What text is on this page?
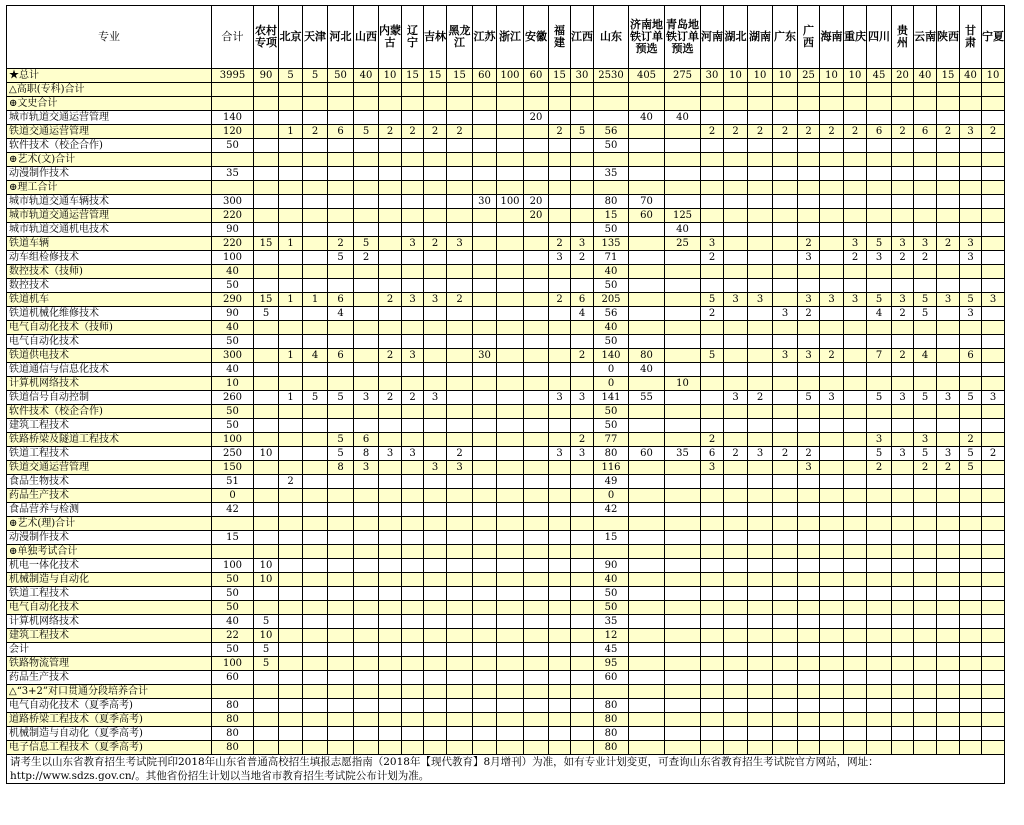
专业	合计	农村专项	北京	天津	河北	山西	内蒙古	辽宁	吉林	黑龙江	江苏	浙江	安徽	福建	江西	山东	济南地铁订单预选	青岛地铁订单预选	河南	湖北	湖南	广东	广西	海南	重庆	四川	贵州	云南	陕西	甘肃	宁夏
★总计	3995	90	5	5	50	40	10	15	15	15	60	100	60	15	30	2530	405	275	30	10	10	10	25	10	10	45	20	40	15	40	10
△高职(专科)合计																															
⊕文史合计																															
城市轨道交通运营管理	140												20				40	40													
铁道交通运营管理	120		1	2	6	5	2	2	2	2				2	5	56			2	2	2	2	2	2	2	6	2	6	2	3	2
软件技术（校企合作)	50															50															
⊕艺术(文)合计																															
动漫制作技术	35															35															
⊕理工合计																															
城市轨道交通车辆技术	300										30	100	20			80	70														
城市轨道交通运营管理	220												20			15	60	125													
城市轨道交通机电技术	90															50		40													
铁道车辆	220	15	1		2	5		3	2	3				2	3	135		25	3				2		3	5	3	3	2	3	
动车组检修技术	100				5	2								3	2	71			2				3		2	3	2	2		3	
数控技术（技师)	40															40															
数控技术	50															50															
铁道机车	290	15	1	1	6		2	3	3	2				2	6	205			5	3	3		3	3	3	5	3	5	3	5	3
铁道机械化维修技术	90	5			4										4	56			2			3	2			4	2	5		3	
电气自动化技术（技师)	40															40															
电气自动化技术	50															50															
铁道供电技术	300		1	4	6		2	3			30				2	140	80		5			3	3	2		7	2	4		6	
铁道通信与信息化技术	40															0	40														
计算机网络技术	10															0		10													
铁道信号自动控制	260		1	5	5	3	2	2	3					3	3	141	55			3	2		5	3		5	3	5	3	5	3
软件技术（校企合作)	50															50															
建筑工程技术	50															50															
铁路桥梁及隧道工程技术	100				5	6									2	77			2							3		3		2	
铁道工程技术	250	10			5	8	3	3		2				3	3	80	60	35	6	2	3	2	2			5	3	5	3	5	2
铁道交通运营管理	150				8	3			3	3						116			3				3			2		2	2	5	
食品生物技术	51		2													49															
药品生产技术	0															0															
食品营养与检测	42															42															
⊕艺术(理)合计																															
动漫制作技术	15															15															
⊕单独考试合计																															
机电一体化技术	100	10														90															
机械制造与自动化	50	10														40															
铁道工程技术	50															50															
电气自动化技术	50															50															
计算机网络技术	40	5														35															
建筑工程技术	22	10														12															
会计	50	5														45															
铁路物流管理	100	5														95															
药品生产技术	60															60															
△“3+2”对口贯通分段培养合计																															
电气自动化技术（夏季高考)	80															80															
道路桥梁工程技术（夏季高考)	80															80															
机械制造与自动化（夏季高考)	80															80															
电子信息工程技术（夏季高考)	80															80															
请考生以山东省教育招生考试院刊印2018年山东省普通高校招生填报志愿指南（2018年【现代教育】8月增刊）为准，如有专业计划变更，可查询山东省教育招生考试院官方网站，网址：http://www.sdzs.gov.cn/。其他省份招生计划以当地省市教育招生考试院公布计划为准。																															
